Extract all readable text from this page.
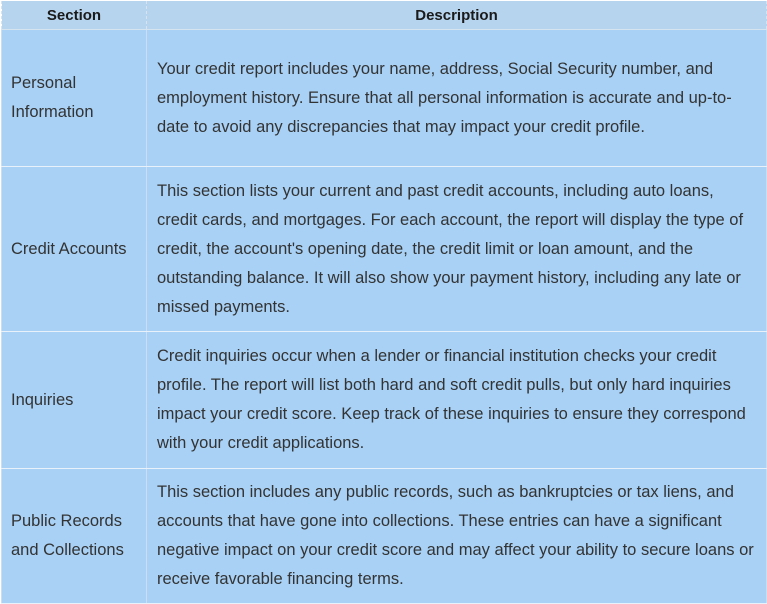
Section	Description
Personal Information	Your credit report includes your name, address, Social Security number, and employment history. Ensure that all personal information is accurate and up-to-date to avoid any discrepancies that may impact your credit profile.
Credit Accounts	This section lists your current and past credit accounts, including auto loans, credit cards, and mortgages. For each account, the report will display the type of credit, the account's opening date, the credit limit or loan amount, and the outstanding balance. It will also show your payment history, including any late or missed payments.
Inquiries	Credit inquiries occur when a lender or financial institution checks your credit profile. The report will list both hard and soft credit pulls, but only hard inquiries impact your credit score. Keep track of these inquiries to ensure they correspond with your credit applications.
Public Records and Collections	This section includes any public records, such as bankruptcies or tax liens, and accounts that have gone into collections. These entries can have a significant negative impact on your credit score and may affect your ability to secure loans or receive favorable financing terms.
